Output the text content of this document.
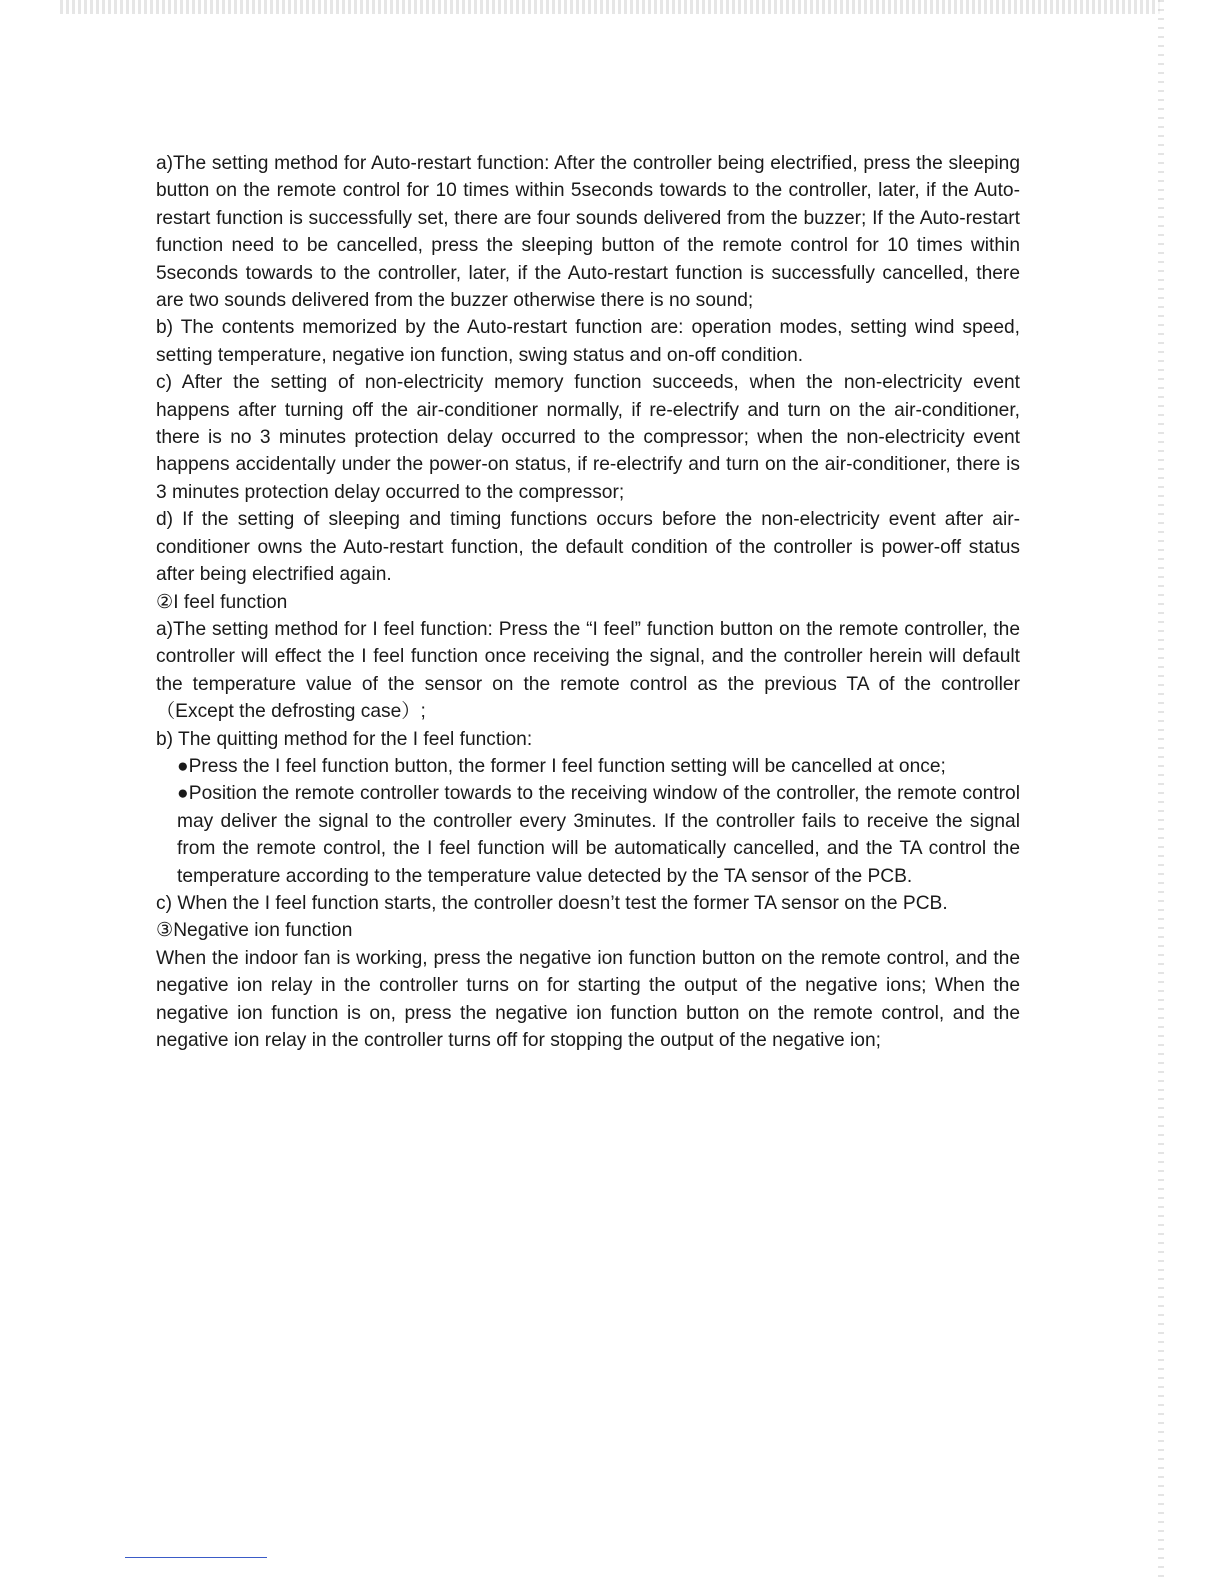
a)The setting method for Auto-restart function: After the controller being electrified, press the sleeping button on the remote control for 10 times within 5seconds towards to the controller, later, if the Auto-restart function is successfully set, there are four sounds delivered from the buzzer; If the Auto-restart function need to be cancelled, press the sleeping button of the remote control for 10 times within 5seconds towards to the controller, later, if the Auto-restart function is successfully cancelled, there are two sounds delivered from the buzzer otherwise there is no sound;

b) The contents memorized by the Auto-restart function are: operation modes, setting wind speed, setting temperature, negative ion function, swing status and on-off condition.

c) After the setting of non-electricity memory function succeeds, when the non-electricity event happens after turning off the air-conditioner normally, if re-electrify and turn on the air-conditioner, there is no 3 minutes protection delay occurred to the compressor; when the non-electricity event happens accidentally under the power-on status, if re-electrify and turn on the air-conditioner, there is 3 minutes protection delay occurred to the compressor;

d) If the setting of sleeping and timing functions occurs before the non-electricity event after air-conditioner owns the Auto-restart function, the default condition of the controller is power-off status after being electrified again.

②I feel function

a)The setting method for I feel function: Press the “I feel” function button on the remote controller, the controller will effect the I feel function once receiving the signal, and the controller herein will default the temperature value of the sensor on the remote control as the previous TA of the controller（Except the defrosting case）;

b) The quitting method for the I feel function:

●Press the I feel function button, the former I feel function setting will be cancelled at once;

●Position the remote controller towards to the receiving window of the controller, the remote control may deliver the signal to the controller every 3minutes. If the controller fails to receive the signal from the remote control, the I feel function will be automatically cancelled, and the TA control the temperature according to the temperature value detected by the TA sensor of the PCB.

c) When the I feel function starts, the controller doesn’t test the former TA sensor on the PCB.

③Negative ion function

When the indoor fan is working, press the negative ion function button on the remote control, and the negative ion relay in the controller turns on for starting the output of the negative ions; When the negative ion function is on, press the negative ion function button on the remote control, and the negative ion relay in the controller turns off for stopping the output of the negative ion;
